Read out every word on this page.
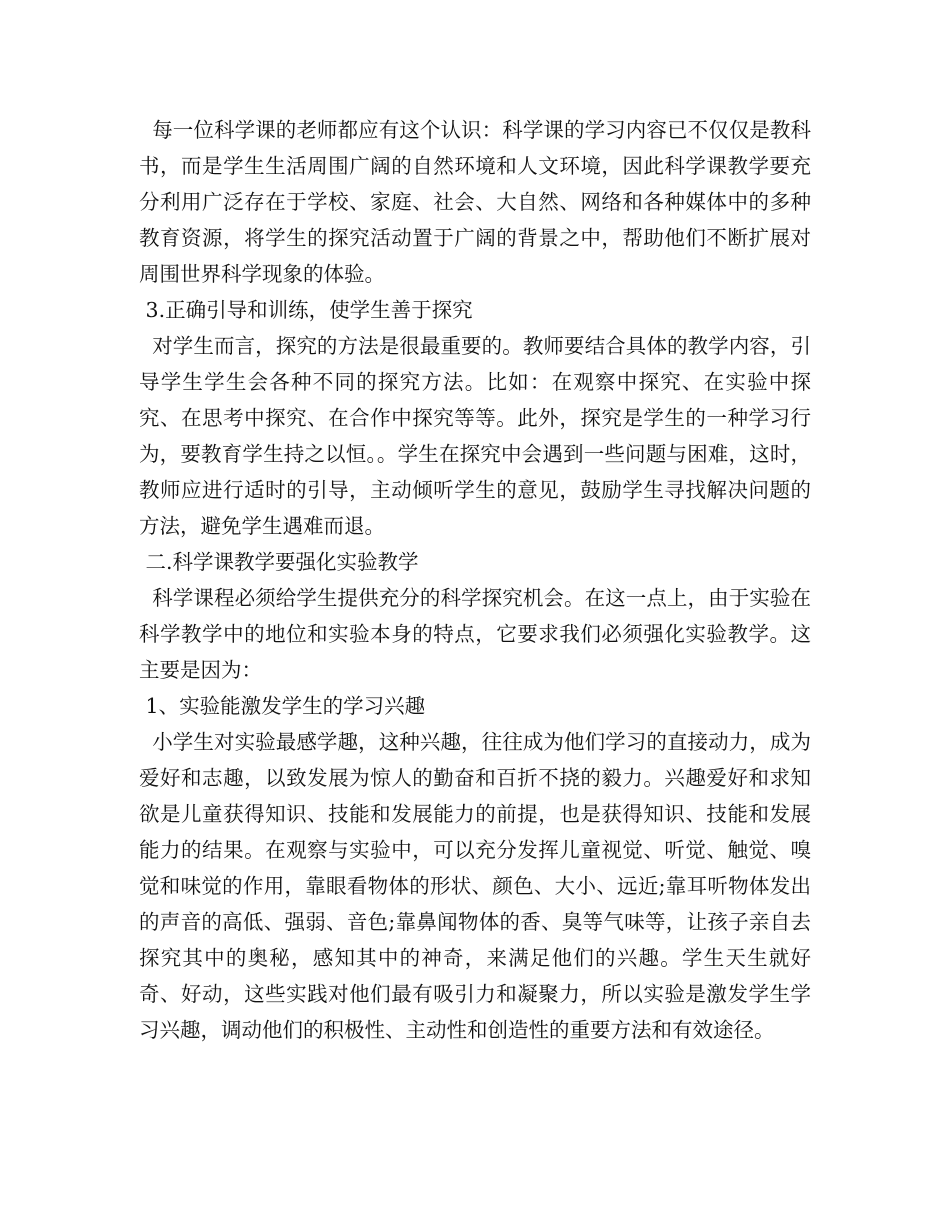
每一位科学课的老师都应有这个认识：科学课的学习内容已不仅仅是教科书，而是学生生活周围广阔的自然环境和人文环境，因此科学课教学要充分利用广泛存在于学校、家庭、社会、大自然、网络和各种媒体中的多种教育资源，将学生的探究活动置于广阔的背景之中，帮助他们不断扩展对周围世界科学现象的体验。

3.正确引导和训练，使学生善于探究

对学生而言，探究的方法是很最重要的。教师要结合具体的教学内容，引导学生学生会各种不同的探究方法。比如：在观察中探究、在实验中探究、在思考中探究、在合作中探究等等。此外，探究是学生的一种学习行为，要教育学生持之以恒。。学生在探究中会遇到一些问题与困难，这时，教师应进行适时的引导，主动倾听学生的意见，鼓励学生寻找解决问题的方法，避免学生遇难而退。

二.科学课教学要强化实验教学

科学课程必须给学生提供充分的科学探究机会。在这一点上，由于实验在科学教学中的地位和实验本身的特点，它要求我们必须强化实验教学。这主要是因为：

1、实验能激发学生的学习兴趣

小学生对实验最感学趣，这种兴趣，往往成为他们学习的直接动力，成为爱好和志趣，以致发展为惊人的勤奋和百折不挠的毅力。兴趣爱好和求知欲是儿童获得知识、技能和发展能力的前提，也是获得知识、技能和发展能力的结果。在观察与实验中，可以充分发挥儿童视觉、听觉、触觉、嗅觉和味觉的作用，靠眼看物体的形状、颜色、大小、远近;靠耳听物体发出的声音的高低、强弱、音色;靠鼻闻物体的香、臭等气味等，让孩子亲自去探究其中的奥秘，感知其中的神奇，来满足他们的兴趣。学生天生就好奇、好动，这些实践对他们最有吸引力和凝聚力，所以实验是激发学生学习兴趣，调动他们的积极性、主动性和创造性的重要方法和有效途径。
